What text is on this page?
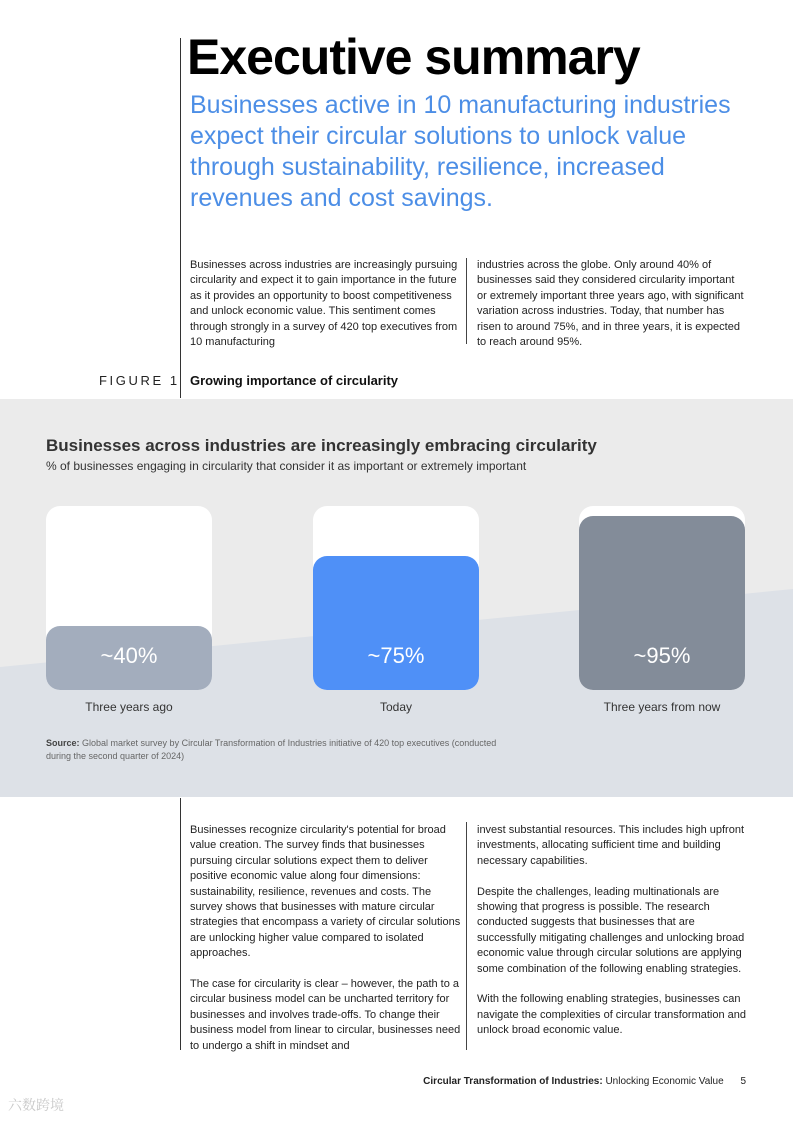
Executive summary
Businesses active in 10 manufacturing industries expect their circular solutions to unlock value through sustainability, resilience, increased revenues and cost savings.

Businesses across industries are increasingly pursuing circularity and expect it to gain importance in the future as it provides an opportunity to boost competitiveness and unlock economic value. This sentiment comes through strongly in a survey of 420 top executives from 10 manufacturing

industries across the globe. Only around 40% of businesses said they considered circularity important or extremely important three years ago, with significant variation across industries. Today, that number has risen to around 75%, and in three years, it is expected to reach around 95%.

FIGURE 1 Growing importance of circularity
Businesses across industries are increasingly embracing circularity
% of businesses engaging in circularity that consider it as important or extremely important
~40%
Three years ago
~75%
Today
~95%
Three years from now
Source: Global market survey by Circular Transformation of Industries initiative of 420 top executives (conducted during the second quarter of 2024)

Businesses recognize circularity's potential for broad value creation. The survey finds that businesses pursuing circular solutions expect them to deliver positive economic value along four dimensions: sustainability, resilience, revenues and costs. The survey shows that businesses with mature circular strategies that encompass a variety of circular solutions are unlocking higher value compared to isolated approaches.

The case for circularity is clear – however, the path to a circular business model can be uncharted territory for businesses and involves trade-offs. To change their business model from linear to circular, businesses need to undergo a shift in mindset and

invest substantial resources. This includes high upfront investments, allocating sufficient time and building necessary capabilities.

Despite the challenges, leading multinationals are showing that progress is possible. The research conducted suggests that businesses that are successfully mitigating challenges and unlocking broad economic value through circular solutions are applying some combination of the following enabling strategies.

With the following enabling strategies, businesses can navigate the complexities of circular transformation and unlock broad economic value.

Circular Transformation of Industries: Unlocking Economic Value 5
六数跨境
